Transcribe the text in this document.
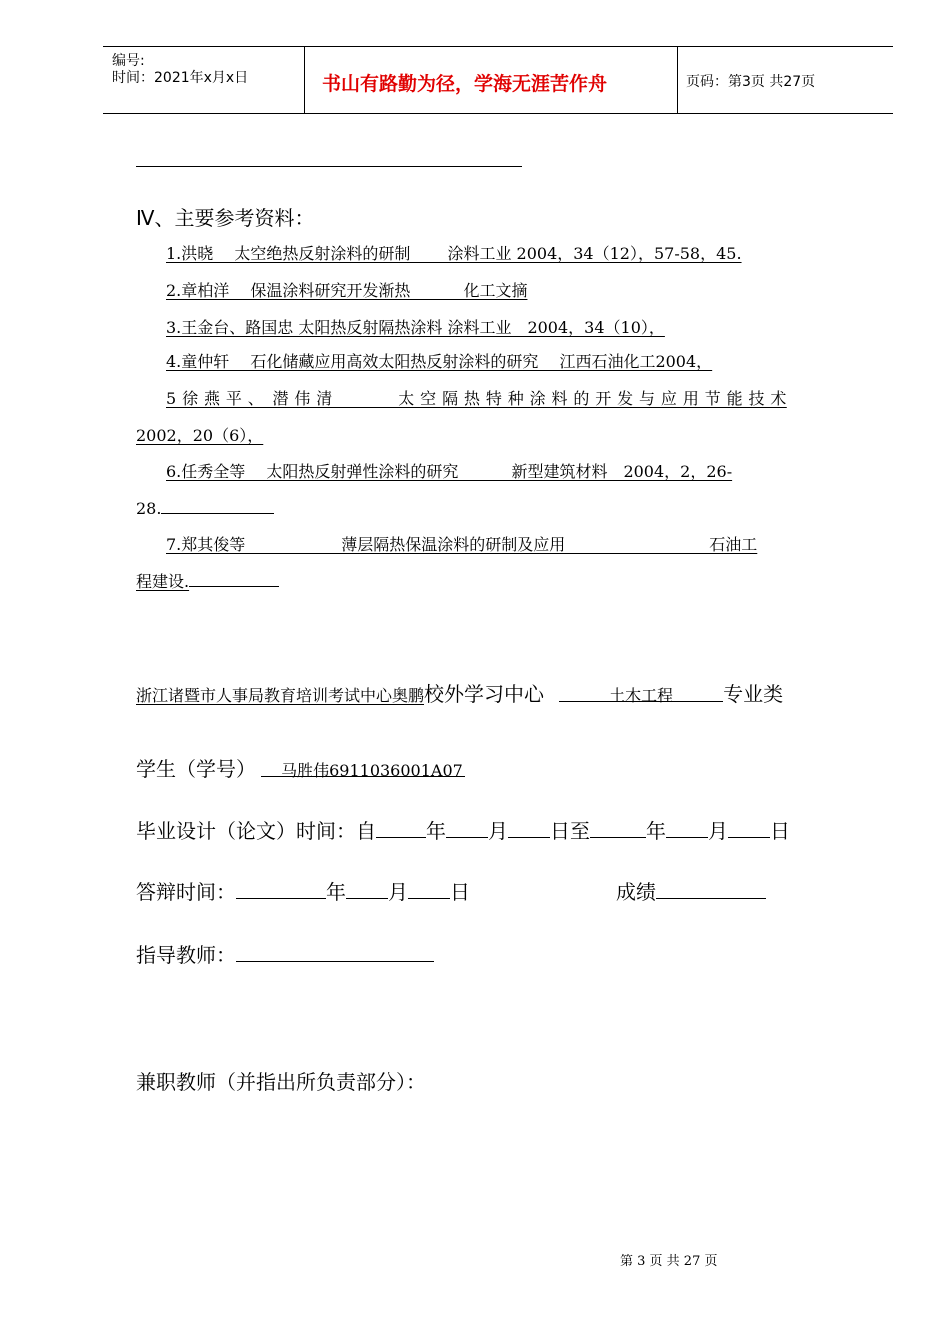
编号:
时间：2021年x月x日	书山有路勤为径，学海无涯苦作舟	页码：第3页 共27页
Ⅳ、主要参考资料：
1.洪晓　 太空绝热反射涂料的研制　　 涂料工业 2004，34（12），57-58，45.
2.章柏洋　 保温涂料研究开发渐热　　　 化工文摘
3.王金台、路国忠 太阳热反射隔热涂料 涂料工业　2004，34（10），
4.童仲轩　 石化储藏应用高效太阳热反射涂料的研究　 江西石油化工2004，
5 徐 燕 平 、　潜 伟 清　　　　太 空 隔 热 特 种 涂 料 的 开 发 与 应 用 节 能 技 术
2002，20（6），
6.任秀全等　 太阳热反射弹性涂料的研究　　　 新型建筑材料　2004，2，26-
28.
7.郑其俊等　　　　　　薄层隔热保温涂料的研制及应用　　　　　　　　　石油工
程建设.
浙江诸暨市人事局教育培训考试中心奥鹏校外学习中心	土木工程	专业类
学生（学号） 马胜伟6911036001A07
毕业设计（论文）时间：自	年 月 日至	年 月 日
答辩时间：	年 月 日	成绩
指导教师：
兼职教师（并指出所负责部分）：
第 3 页 共 27 页
